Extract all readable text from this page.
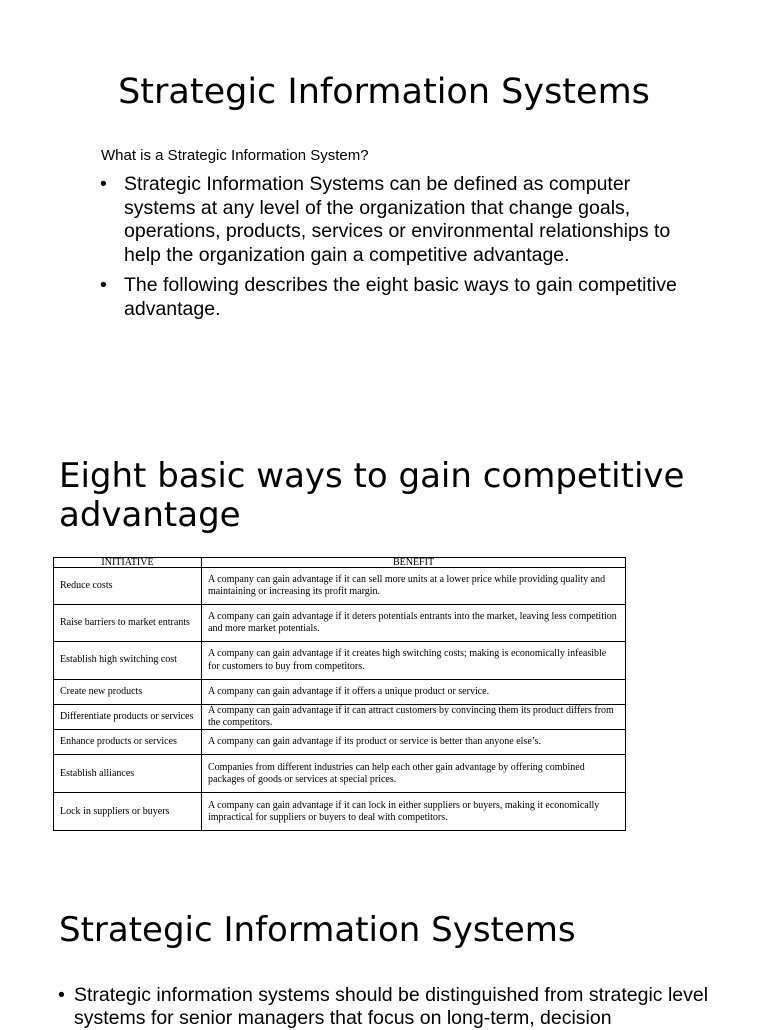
Strategic Information Systems
What is a Strategic Information System?
• Strategic Information Systems can be defined as computer systems at any level of the organization that change goals, operations, products, services or environmental relationships to help the organization gain a competitive advantage.
• The following describes the eight basic ways to gain competitive advantage.
Eight basic ways to gain competitive advantage
INITIATIVE	BENEFIT
Reduce costs	A company can gain advantage if it can sell more units at a lower price while providing quality and maintaining or increasing its profit margin.
Raise barriers to market entrants	A company can gain advantage if it deters potentials entrants into the market, leaving less competition and more market potentials.
Establish high switching cost	A company can gain advantage if it creates high switching costs; making is economically infeasible for customers to buy from competitors.
Create new products	A company can gain advantage if it offers a unique product or service.
Differentiate products or services	A company can gain advantage if it can attract customers by convincing them its product differs from the competitors.
Enhance products or services	A company can gain advantage if its product or service is better than anyone else’s.
Establish alliances	Companies from different industries can help each other gain advantage by offering combined packages of goods or services at special prices.
Lock in suppliers or buyers	A company can gain advantage if it can lock in either suppliers or buyers, making it economically impractical for suppliers or buyers to deal with competitors.
Strategic Information Systems
• Strategic information systems should be distinguished from strategic level systems for senior managers that focus on long-term, decision
